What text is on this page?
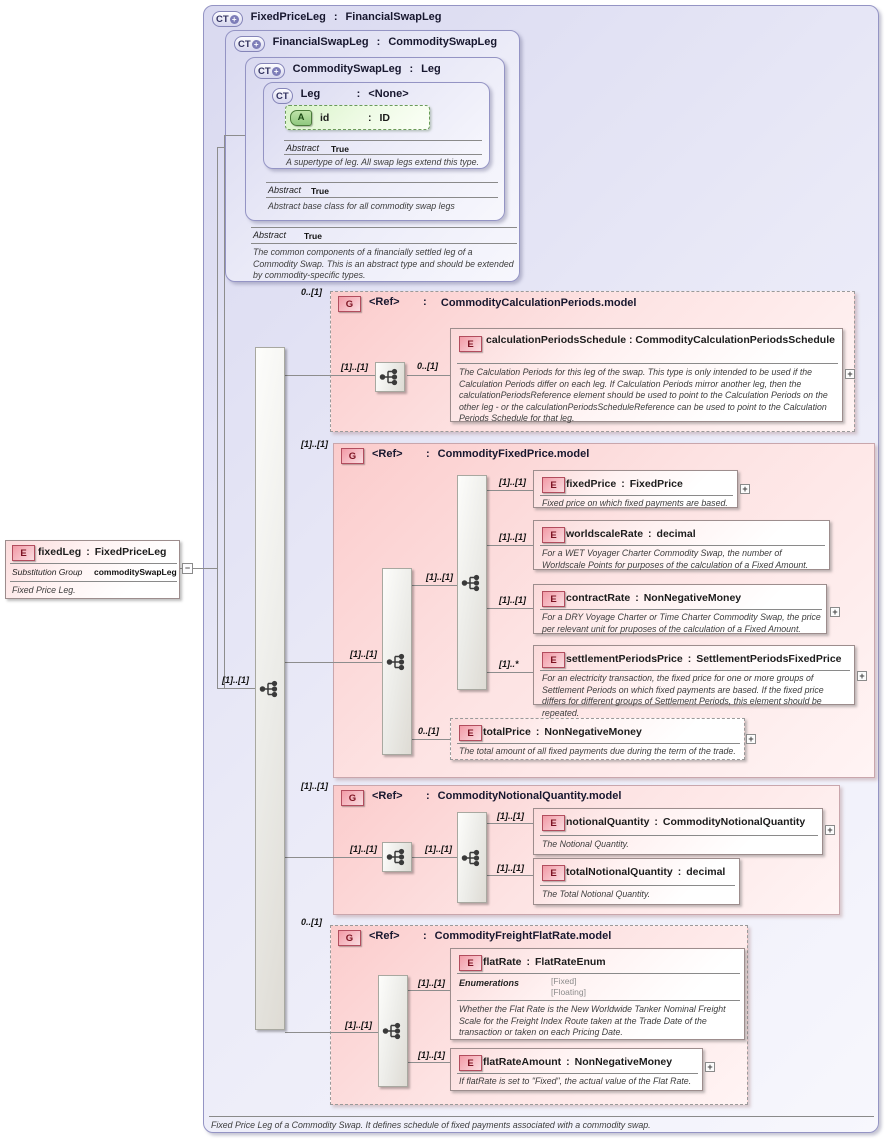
CT + FixedPriceLeg : FinancialSwapLeg
Fixed Price Leg of a Commodity Swap. It defines schedule of fixed payments associated with a commodity swap.
CT + FinancialSwapLeg : CommoditySwapLeg
Abstract True
The common components of a financially settled leg of a Commodity Swap. This is an abstract type and should be extended by commodity-specific types.
CT + CommoditySwapLeg : Leg
Abstract True
Abstract base class for all commodity swap legs
CT Leg	: <None>
Abstract True
A supertype of leg. All swap legs extend this type.
A id	: ID
G <Ref>	:	CommodityCalculationPeriods.model
G <Ref>	: CommodityFixedPrice.model
G <Ref>	: CommodityNotionalQuantity.model
G <Ref>	: CommodityFreightFlatRate.model
E calculationPeriodsSchedule : CommodityCalculationPeriodsSchedule
The Calculation Periods for this leg of the swap. This type is only intended to be used if the Calculation Periods differ on each leg. If Calculation Periods mirror another leg, then the calculationPeriodsReference element should be used to point to the Calculation Periods on the other leg - or the calculationPeriodsScheduleReference can be used to point to the Calculation Periods Schedule for that leg.
E fixedPrice : FixedPrice
Fixed price on which fixed payments are based.
E worldscaleRate : decimal
For a WET Voyager Charter Commodity Swap, the number of Worldscale Points for purposes of the calculation of a Fixed Amount.
E contractRate : NonNegativeMoney
For a DRY Voyage Charter or Time Charter Commodity Swap, the price per relevant unit for pruposes of the calculation of a Fixed Amount.
E settlementPeriodsPrice : SettlementPeriodsFixedPrice
For an electricity transaction, the fixed price for one or more groups of Settlement Periods on which fixed payments are based. If the fixed price differs for different groups of Settlement Periods, this element should be repeated.
E totalPrice : NonNegativeMoney
The total amount of all fixed payments due during the term of the trade.
E notionalQuantity : CommodityNotionalQuantity
The Notional Quantity.
E totalNotionalQuantity : decimal
The Total Notional Quantity.
E flatRate : FlatRateEnum
Enumerations	[Fixed]
[Floating]
Whether the Flat Rate is the New Worldwide Tanker Nominal Freight Scale for the Freight Index Route taken at the Trade Date of the transaction or taken on each Pricing Date.
E flatRateAmount : NonNegativeMoney
If flatRate is set to "Fixed", the actual value of the Flat Rate.
E fixedLeg : FixedPriceLeg
Substitution Group commoditySwapLeg
Fixed Price Leg.
[1]..[1]
0..[1]
[1]..[1]	0..[1]
[1]..[1]
[1]..[1]
[1]..[1]
[1]..[1]
[1]..[1]
[1]..[1]
[1]..*
0..[1]
[1]..[1]
[1]..[1]	[1]..[1]
[1]..[1]
[1]..[1]
0..[1]
[1]..[1]
[1]..[1]
[1]..[1]
−
+
+
+
+
+
+
+
